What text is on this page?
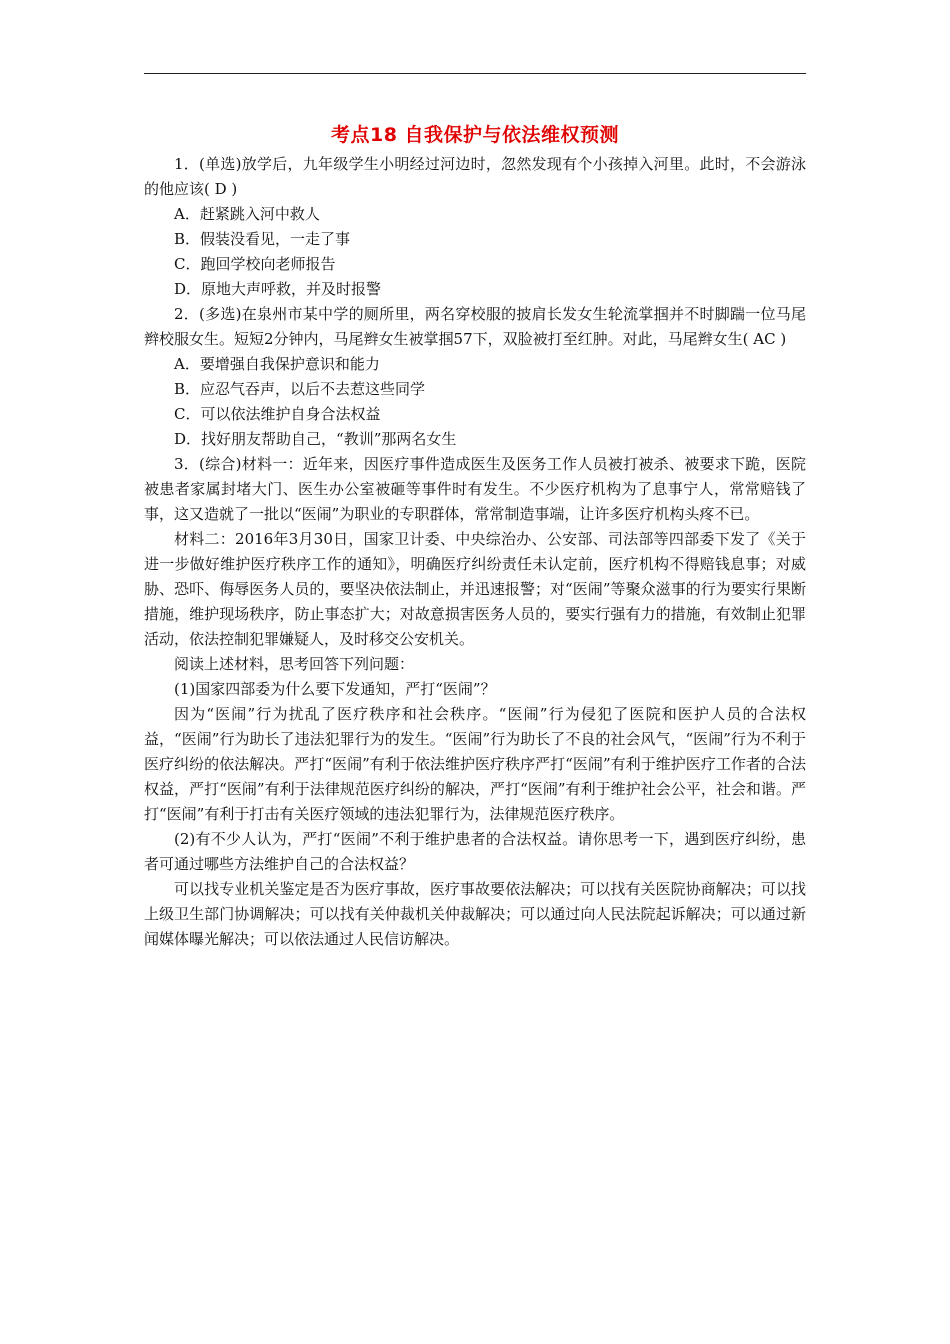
考点18 自我保护与依法维权预测

1．(单选)放学后，九年级学生小明经过河边时，忽然发现有个小孩掉入河里。此时，不会游泳的他应该( D )

A．赶紧跳入河中救人

B．假装没看见，一走了事

C．跑回学校向老师报告

D．原地大声呼救，并及时报警

2．(多选)在泉州市某中学的厕所里，两名穿校服的披肩长发女生轮流掌掴并不时脚踹一位马尾辫校服女生。短短2分钟内，马尾辫女生被掌掴57下，双脸被打至红肿。对此，马尾辫女生( AC )

A．要增强自我保护意识和能力

B．应忍气吞声，以后不去惹这些同学

C．可以依法维护自身合法权益

D．找好朋友帮助自己，“教训”那两名女生

3．(综合)材料一：近年来，因医疗事件造成医生及医务工作人员被打被杀、被要求下跪，医院被患者家属封堵大门、医生办公室被砸等事件时有发生。不少医疗机构为了息事宁人，常常赔钱了事，这又造就了一批以“医闹”为职业的专职群体，常常制造事端，让许多医疗机构头疼不已。

材料二：2016年3月30日，国家卫计委、中央综治办、公安部、司法部等四部委下发了《关于进一步做好维护医疗秩序工作的通知》，明确医疗纠纷责任未认定前，医疗机构不得赔钱息事；对威胁、恐吓、侮辱医务人员的，要坚决依法制止，并迅速报警；对“医闹”等聚众滋事的行为要实行果断措施，维护现场秩序，防止事态扩大；对故意损害医务人员的，要实行强有力的措施，有效制止犯罪活动，依法控制犯罪嫌疑人，及时移交公安机关。

阅读上述材料，思考回答下列问题：

(1)国家四部委为什么要下发通知，严打“医闹”？

因为“医闹”行为扰乱了医疗秩序和社会秩序。“医闹”行为侵犯了医院和医护人员的合法权益，“医闹”行为助长了违法犯罪行为的发生。“医闹”行为助长了不良的社会风气，“医闹”行为不利于医疗纠纷的依法解决。严打“医闹”有利于依法维护医疗秩序严打“医闹”有利于维护医疗工作者的合法权益，严打“医闹”有利于法律规范医疗纠纷的解决，严打“医闹”有利于维护社会公平，社会和谐。严打“医闹”有利于打击有关医疗领域的违法犯罪行为，法律规范医疗秩序。

(2)有不少人认为，严打“医闹”不利于维护患者的合法权益。请你思考一下，遇到医疗纠纷，患者可通过哪些方法维护自己的合法权益？

可以找专业机关鉴定是否为医疗事故，医疗事故要依法解决；可以找有关医院协商解决；可以找上级卫生部门协调解决；可以找有关仲裁机关仲裁解决；可以通过向人民法院起诉解决；可以通过新闻媒体曝光解决；可以依法通过人民信访解决。
